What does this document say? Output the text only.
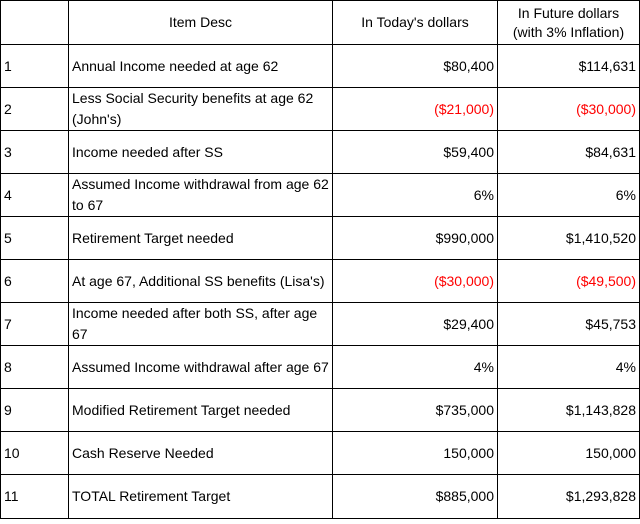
	Item Desc	In Today's dollars	In Future dollars
(with 3% Inflation)
1	Annual Income needed at age 62	$80,400	$114,631
2	Less Social Security benefits at age 62 (John's)	($21,000)	($30,000)
3	Income needed after SS	$59,400	$84,631
4	Assumed Income withdrawal from age 62 to 67	6%	6%
5	Retirement Target needed	$990,000	$1,410,520
6	At age 67, Additional SS benefits (Lisa's)	($30,000)	($49,500)
7	Income needed after both SS, after age 67	$29,400	$45,753
8	Assumed Income withdrawal after age 67	4%	4%
9	Modified Retirement Target needed	$735,000	$1,143,828
10	Cash Reserve Needed	150,000	150,000
11	TOTAL Retirement Target	$885,000	$1,293,828
